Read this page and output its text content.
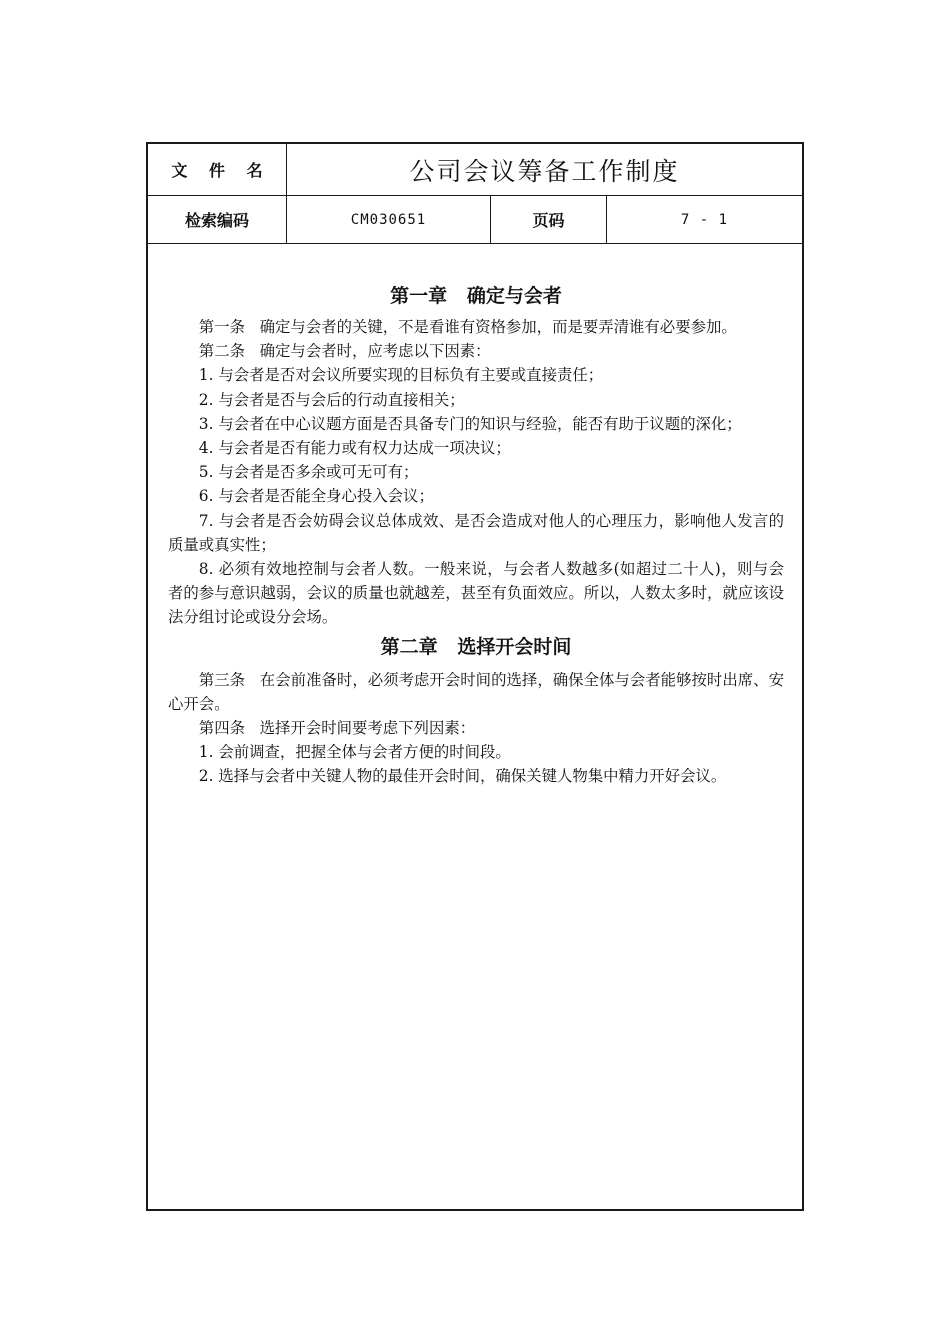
文 件 名	公司会议筹备工作制度
检索编码	CM030651	页码	7 - 1
第一章   确定与会者

第一条   确定与会者的关键，不是看谁有资格参加，而是要弄清谁有必要参加。

第二条   确定与会者时，应考虑以下因素：

1. 与会者是否对会议所要实现的目标负有主要或直接责任；

2. 与会者是否与会后的行动直接相关；

3. 与会者在中心议题方面是否具备专门的知识与经验，能否有助于议题的深化；

4. 与会者是否有能力或有权力达成一项决议；

5. 与会者是否多余或可无可有；

6. 与会者是否能全身心投入会议；

7. 与会者是否会妨碍会议总体成效、是否会造成对他人的心理压力，影响他人发言的质量或真实性；

8. 必须有效地控制与会者人数。一般来说，与会者人数越多(如超过二十人)，则与会者的参与意识越弱，会议的质量也就越差，甚至有负面效应。所以，人数太多时，就应该设法分组讨论或设分会场。

第二章   选择开会时间

第三条   在会前准备时，必须考虑开会时间的选择，确保全体与会者能够按时出席、安心开会。

第四条   选择开会时间要考虑下列因素：

1. 会前调查，把握全体与会者方便的时间段。

2. 选择与会者中关键人物的最佳开会时间，确保关键人物集中精力开好会议。
